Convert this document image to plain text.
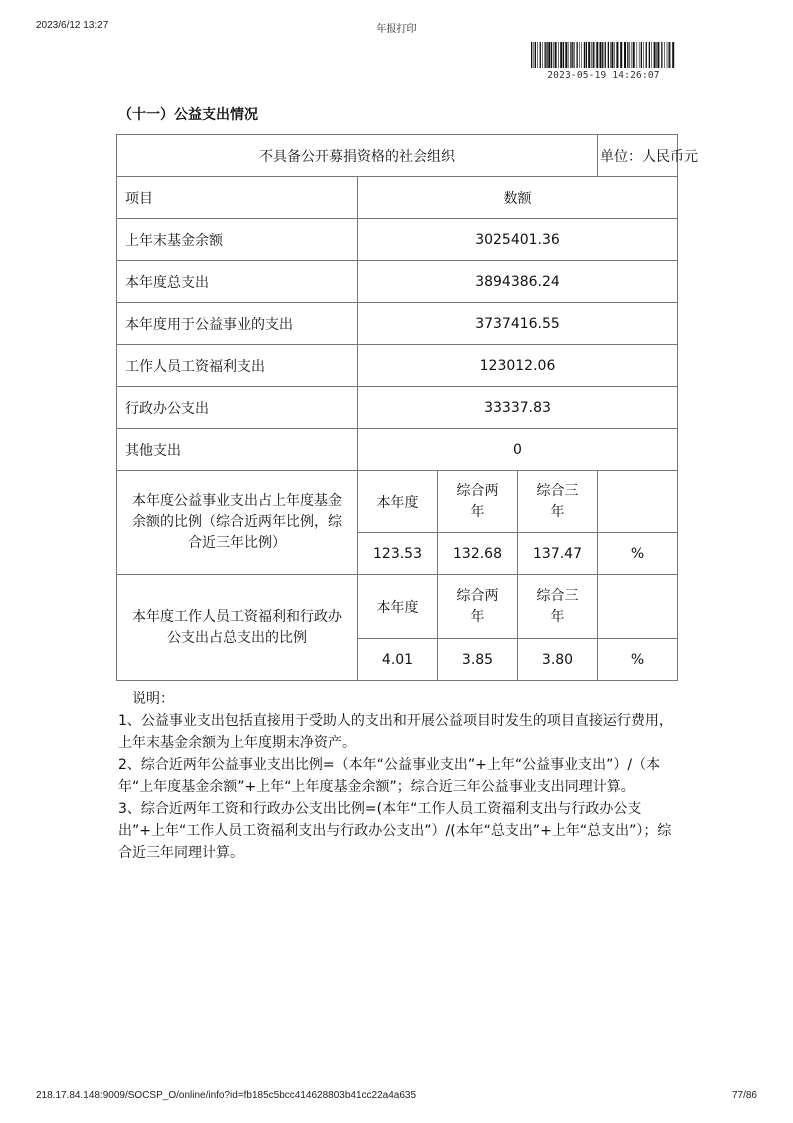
2023/6/12 13:27	年报打印
2023-05-19 14:26:07
（十一）公益支出情况
不具备公开募捐资格的社会组织				单位：人民币元
项目	数额			
上年末基金余额	3025401.36			
本年度总支出	3894386.24			
本年度用于公益事业的支出	3737416.55			
工作人员工资福利支出	123012.06			
行政办公支出	33337.83			
其他支出	0			
本年度公益事业支出占上年度基金余额的比例（综合近两年比例，综合近三年比例）	本年度	综合两年	综合三年	
	123.53	132.68	137.47	%
本年度工作人员工资福利和行政办公支出占总支出的比例	本年度	综合两年	综合三年	
	4.01	3.85	3.80	%

说明：

1、公益事业支出包括直接用于受助人的支出和开展公益项目时发生的项目直接运行费用，上年末基金余额为上年度期末净资产。

2、综合近两年公益事业支出比例=（本年“公益事业支出”+上年“公益事业支出”）/（本年“上年度基金余额”+上年“上年度基金余额”；综合近三年公益事业支出同理计算。

3、综合近两年工资和行政办公支出比例=(本年“工作人员工资福利支出与行政办公支出”+上年“工作人员工资福利支出与行政办公支出”）/(本年“总支出”+上年“总支出”）；综合近三年同理计算。

218.17.84.148:9009/SOCSP_O/online/info?id=fb185c5bcc414628803b41cc22a4a635	77/86
